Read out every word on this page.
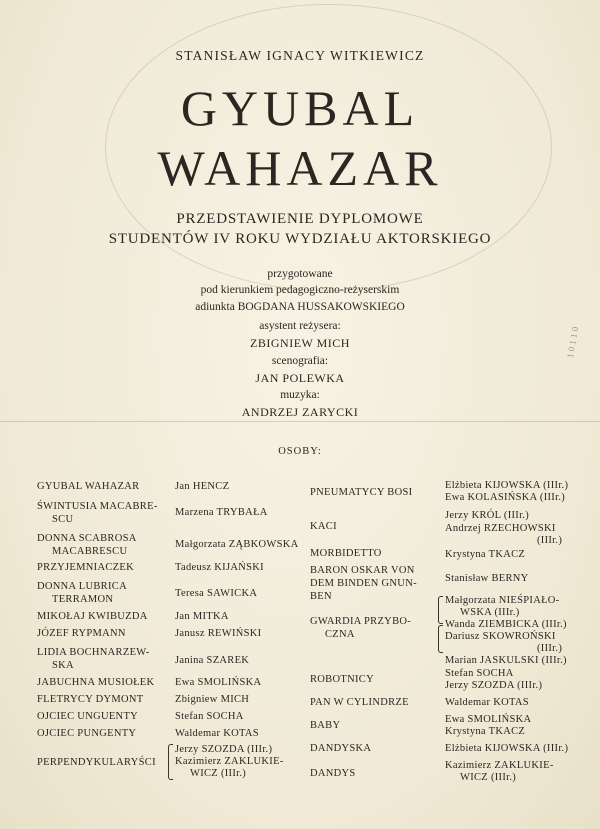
STANISŁAW IGNACY WITKIEWICZ
GYUBAL
WAHAZAR
PRZEDSTAWIENIE DYPLOMOWE
STUDENTÓW IV ROKU WYDZIAŁU AKTORSKIEGO
przygotowane
pod kierunkiem pedagogiczno-reżyserskim
adiunkta BOGDANA HUSSAKOWSKIEGO
asystent reżysera:
ZBIGNIEW MICH
scenografia:
JAN POLEWKA
muzyka:
ANDRZEJ ZARYCKI
1 0 1 1 0
OSOBY:
GYUBAL WAHAZAR
ŚWINTUSIA MACABRE-
SCU
DONNA SCABROSA
MACABRESCU
PRZYJEMNIACZEK
DONNA LUBRICA
TERRAMON
MIKOŁAJ KWIBUZDA
JÓZEF RYPMANN
LIDIA BOCHNARZEW-
SKA
JABUCHNA MUSIOŁEK
FLETRYCY DYMONT
OJCIEC UNGUENTY
OJCIEC PUNGENTY
PERPENDYKULARYŚCI
Jan HENCZ
Marzena TRYBAŁA
Małgorzata ZĄBKOWSKA
Tadeusz KIJAŃSKI
Teresa SAWICKA
Jan MITKA
Janusz REWIŃSKI
Janina SZAREK
Ewa SMOLIŃSKA
Zbigniew MICH
Stefan SOCHA
Waldemar KOTAS
Jerzy SZOZDA (IIIr.)
Kazimierz ZAKLUKIE-
WICZ (IIIr.)
PNEUMATYCY BOSI
KACI
MORBIDETTO
BARON OSKAR VON
DEM BINDEN GNUN-
BEN
GWARDIA PRZYBO-
CZNA
ROBOTNICY
PAN W CYLINDRZE
BABY
DANDYSKA
DANDYS
Elżbieta KIJOWSKA (IIIr.)
Ewa KOLASIŃSKA (IIIr.)
Jerzy KRÓL (IIIr.)
Andrzej RZECHOWSKI
(IIIr.)
Krystyna TKACZ
Stanisław BERNY
Małgorzata NIEŚPIAŁO-
WSKA (IIIr.)
Wanda ZIEMBICKA (IIIr.)
Dariusz SKOWROŃSKI
(IIIr.)
Marian JASKULSKI (IIIr.)
Stefan SOCHA
Jerzy SZOZDA (IIIr.)
Waldemar KOTAS
Ewa SMOLIŃSKA
Krystyna TKACZ
Elżbieta KIJOWSKA (IIIr.)
Kazimierz ZAKLUKIE-
WICZ (IIIr.)
